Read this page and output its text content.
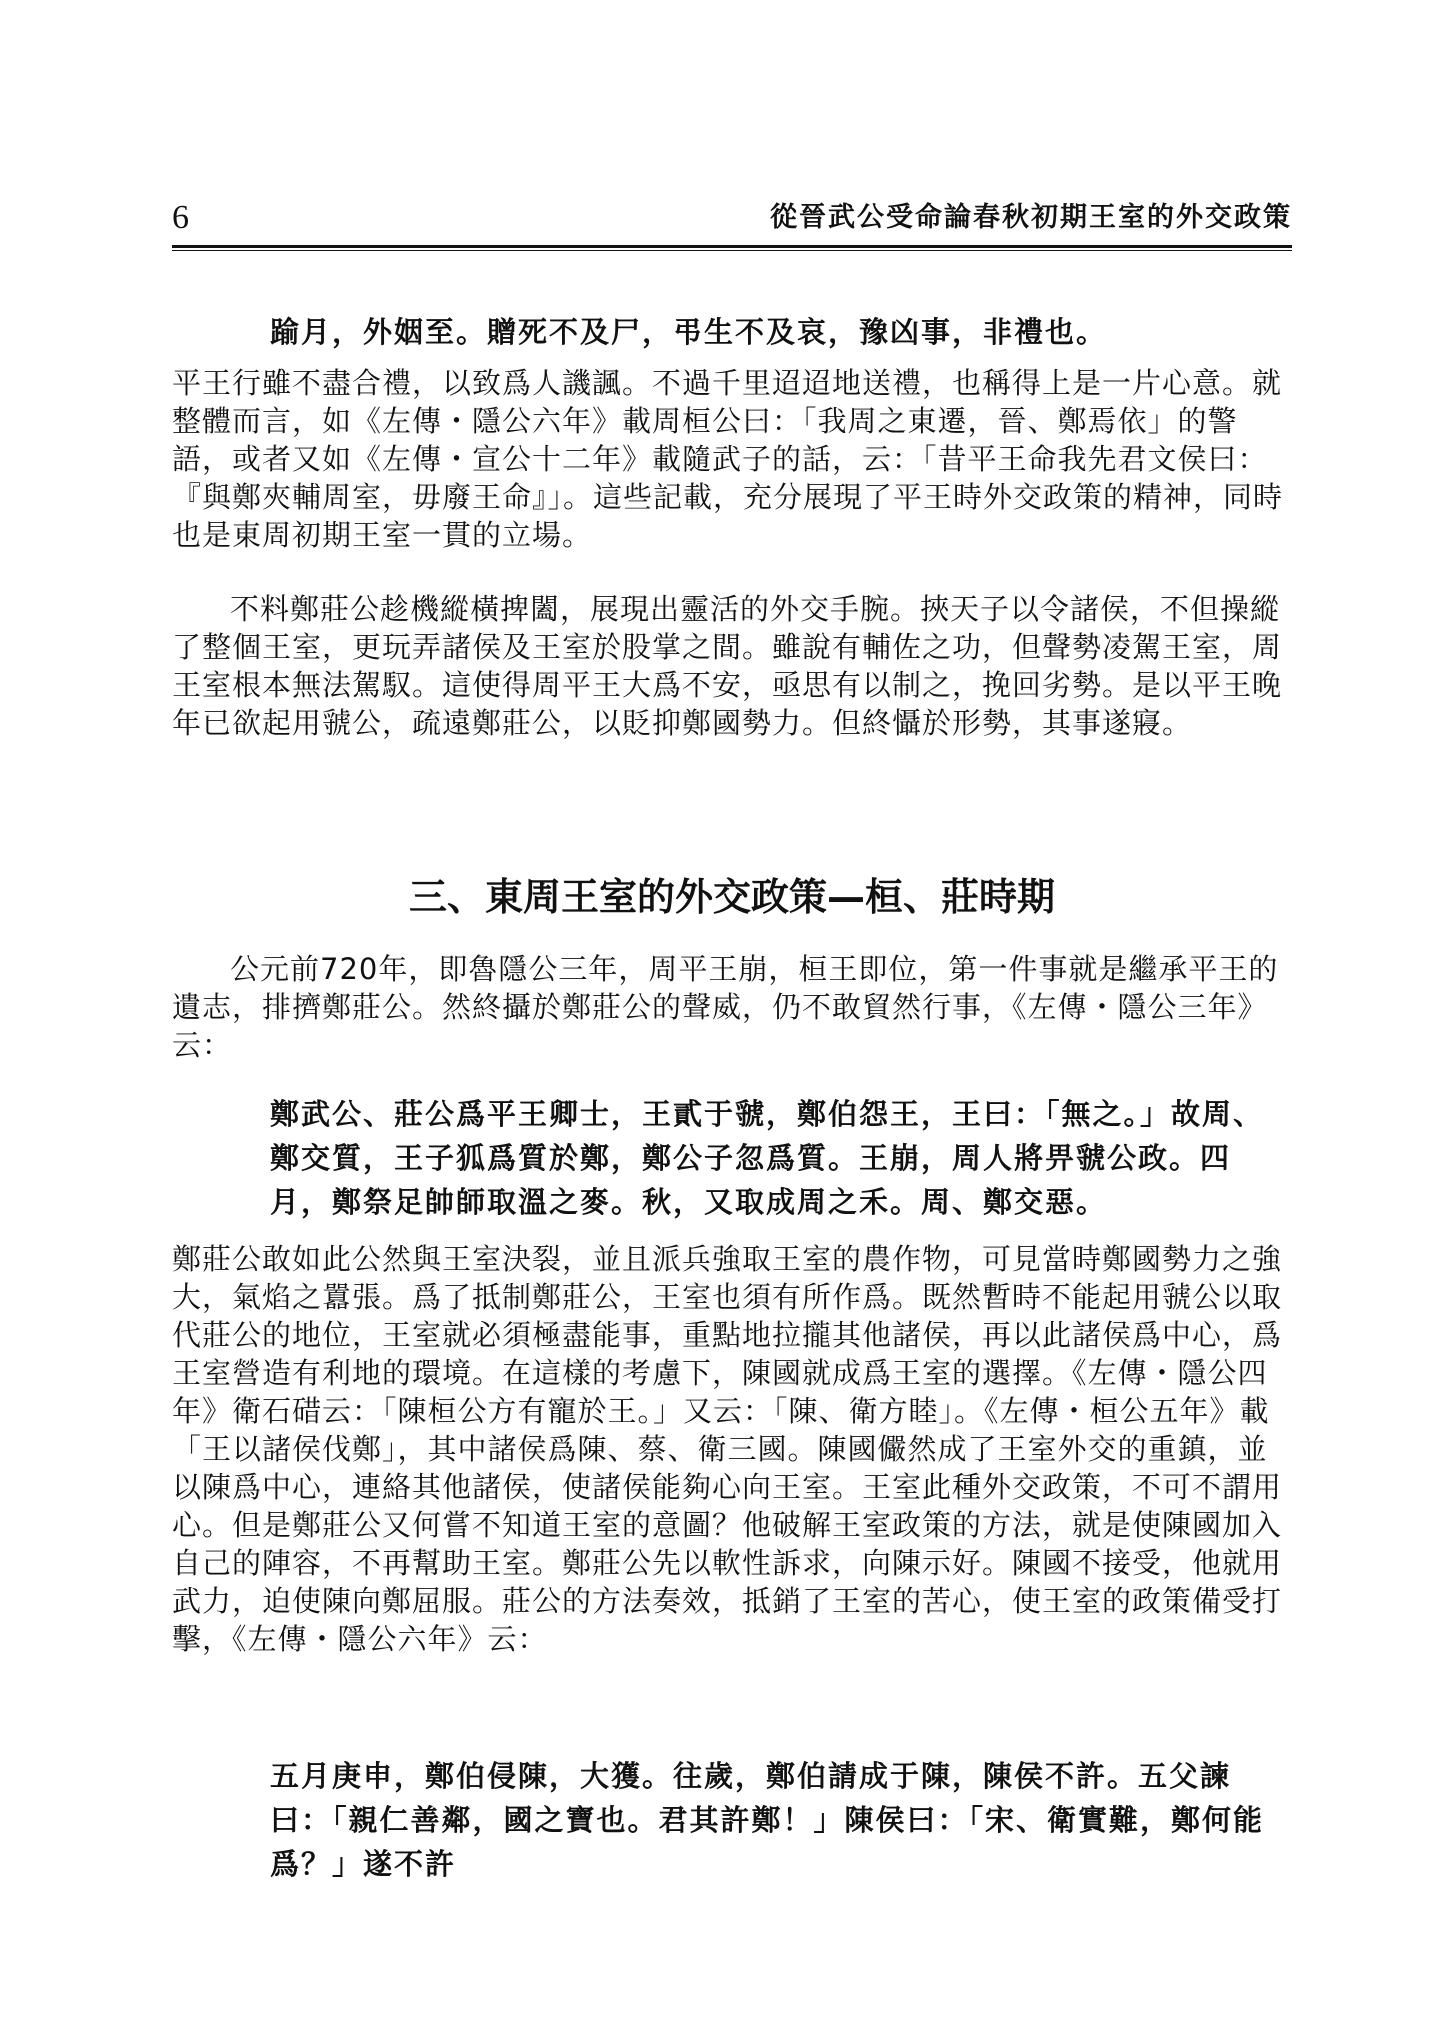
6	從晉武公受命論春秋初期王室的外交政策

踰月，外姻至。贈死不及尸，弔生不及哀，豫凶事，非禮也。

平王行雖不盡合禮，以致爲人譏諷。不過千里迢迢地送禮，也稱得上是一片心意。就整體而言，如《左傳・隱公六年》載周桓公曰：「我周之東遷，晉、鄭焉依」的警語，或者又如《左傳・宣公十二年》載隨武子的話，云：「昔平王命我先君文侯曰：『與鄭夾輔周室，毋廢王命』」。這些記載，充分展現了平王時外交政策的精神，同時也是東周初期王室一貫的立場。

不料鄭莊公趁機縱橫捭闔，展現出靈活的外交手腕。挾天子以令諸侯，不但操縱了整個王室，更玩弄諸侯及王室於股掌之間。雖說有輔佐之功，但聲勢凌駕王室，周王室根本無法駕馭。這使得周平王大爲不安，亟思有以制之，挽回劣勢。是以平王晚年已欲起用虢公，疏遠鄭莊公，以貶抑鄭國勢力。但終懾於形勢，其事遂寢。

三、東周王室的外交政策—桓、莊時期

公元前720年，即魯隱公三年，周平王崩，桓王即位，第一件事就是繼承平王的遺志，排擠鄭莊公。然終攝於鄭莊公的聲威，仍不敢貿然行事，《左傳・隱公三年》云：

鄭武公、莊公爲平王卿士，王貳于虢，鄭伯怨王，王曰：「無之。」故周、鄭交質，王子狐爲質於鄭，鄭公子忽爲質。王崩，周人將畀虢公政。四月，鄭祭足帥師取溫之麥。秋，又取成周之禾。周、鄭交惡。

鄭莊公敢如此公然與王室決裂，並且派兵強取王室的農作物，可見當時鄭國勢力之強大，氣焰之囂張。爲了抵制鄭莊公，王室也須有所作爲。既然暫時不能起用虢公以取代莊公的地位，王室就必須極盡能事，重點地拉攏其他諸侯，再以此諸侯爲中心，爲王室營造有利地的環境。在這樣的考慮下，陳國就成爲王室的選擇。《左傳・隱公四年》衛石碏云：「陳桓公方有寵於王。」又云：「陳、衛方睦」。《左傳・桓公五年》載「王以諸侯伐鄭」，其中諸侯爲陳、蔡、衛三國。陳國儼然成了王室外交的重鎮，並以陳爲中心，連絡其他諸侯，使諸侯能夠心向王室。王室此種外交政策，不可不謂用心。但是鄭莊公又何嘗不知道王室的意圖？他破解王室政策的方法，就是使陳國加入自己的陣容，不再幫助王室。鄭莊公先以軟性訴求，向陳示好。陳國不接受，他就用武力，迫使陳向鄭屈服。莊公的方法奏效，抵銷了王室的苦心，使王室的政策備受打擊，《左傳・隱公六年》云：

五月庚申，鄭伯侵陳，大獲。往歲，鄭伯請成于陳，陳侯不許。五父諫曰：「親仁善鄰，國之寶也。君其許鄭！」陳侯曰：「宋、衛實難，鄭何能爲？」遂不許
